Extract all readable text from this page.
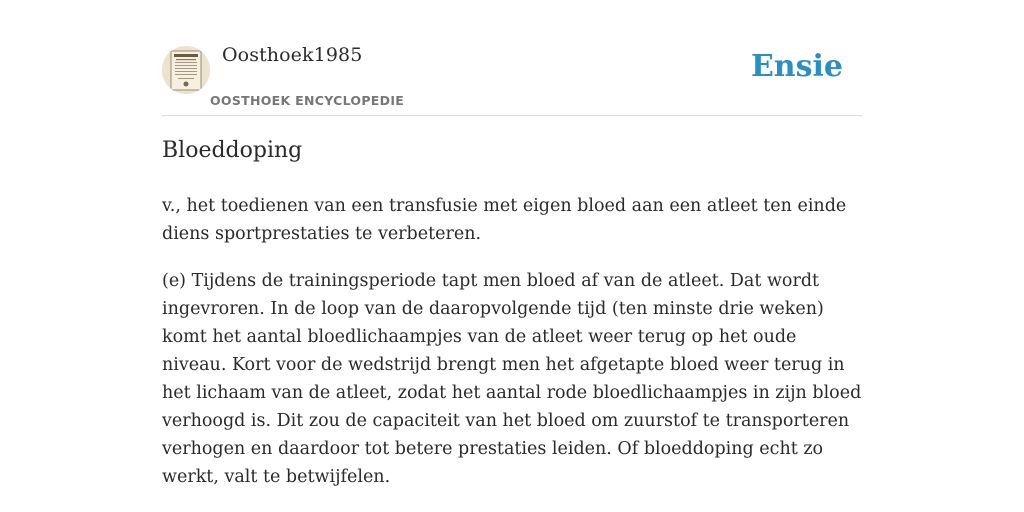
Oosthoek1985
OOSTHOEK ENCYCLOPEDIE
Ensie
Bloeddoping

v., het toedienen van een transfusie met eigen bloed aan een atleet ten einde diens sportprestaties te verbeteren.

(e) Tijdens de trainingsperiode tapt men bloed af van de atleet. Dat wordt ingevroren. In de loop van de daaropvolgende tijd (ten minste drie weken) komt het aantal bloedlichaampjes van de atleet weer terug op het oude niveau. Kort voor de wedstrijd brengt men het afgetapte bloed weer terug in het lichaam van de atleet, zodat het aantal rode bloedlichaampjes in zijn bloed verhoogd is. Dit zou de capaciteit van het bloed om zuurstof te transporteren verhogen en daardoor tot betere prestaties leiden. Of bloeddoping echt zo werkt, valt te betwijfelen.
